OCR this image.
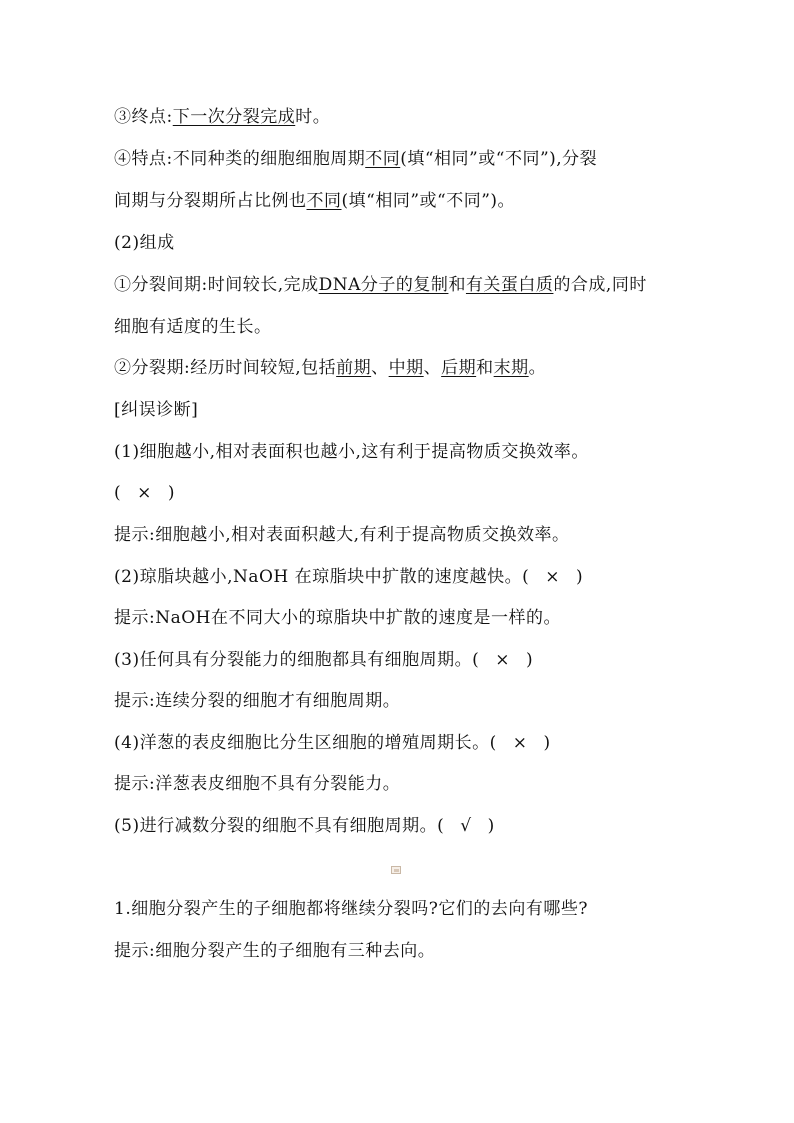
③终点:下一次分裂完成时。
④特点:不同种类的细胞细胞周期不同(填“相同”或“不同”),分裂
间期与分裂期所占比例也不同(填“相同”或“不同”)。
(2)组成
①分裂间期:时间较长,完成DNA分子的复制和有关蛋白质的合成,同时
细胞有适度的生长。
②分裂期:经历时间较短,包括前期、中期、后期和末期。
[纠误诊断]
(1)细胞越小,相对表面积也越小,这有利于提高物质交换效率。
( × )
提示:细胞越小,相对表面积越大,有利于提高物质交换效率。
(2)琼脂块越小,NaOH 在琼脂块中扩散的速度越快。( × )
提示:NaOH在不同大小的琼脂块中扩散的速度是一样的。
(3)任何具有分裂能力的细胞都具有细胞周期。( × )
提示:连续分裂的细胞才有细胞周期。
(4)洋葱的表皮细胞比分生区细胞的增殖周期长。( × )
提示:洋葱表皮细胞不具有分裂能力。
(5)进行减数分裂的细胞不具有细胞周期。( √ )
1.细胞分裂产生的子细胞都将继续分裂吗?它们的去向有哪些?
提示:细胞分裂产生的子细胞有三种去向。
